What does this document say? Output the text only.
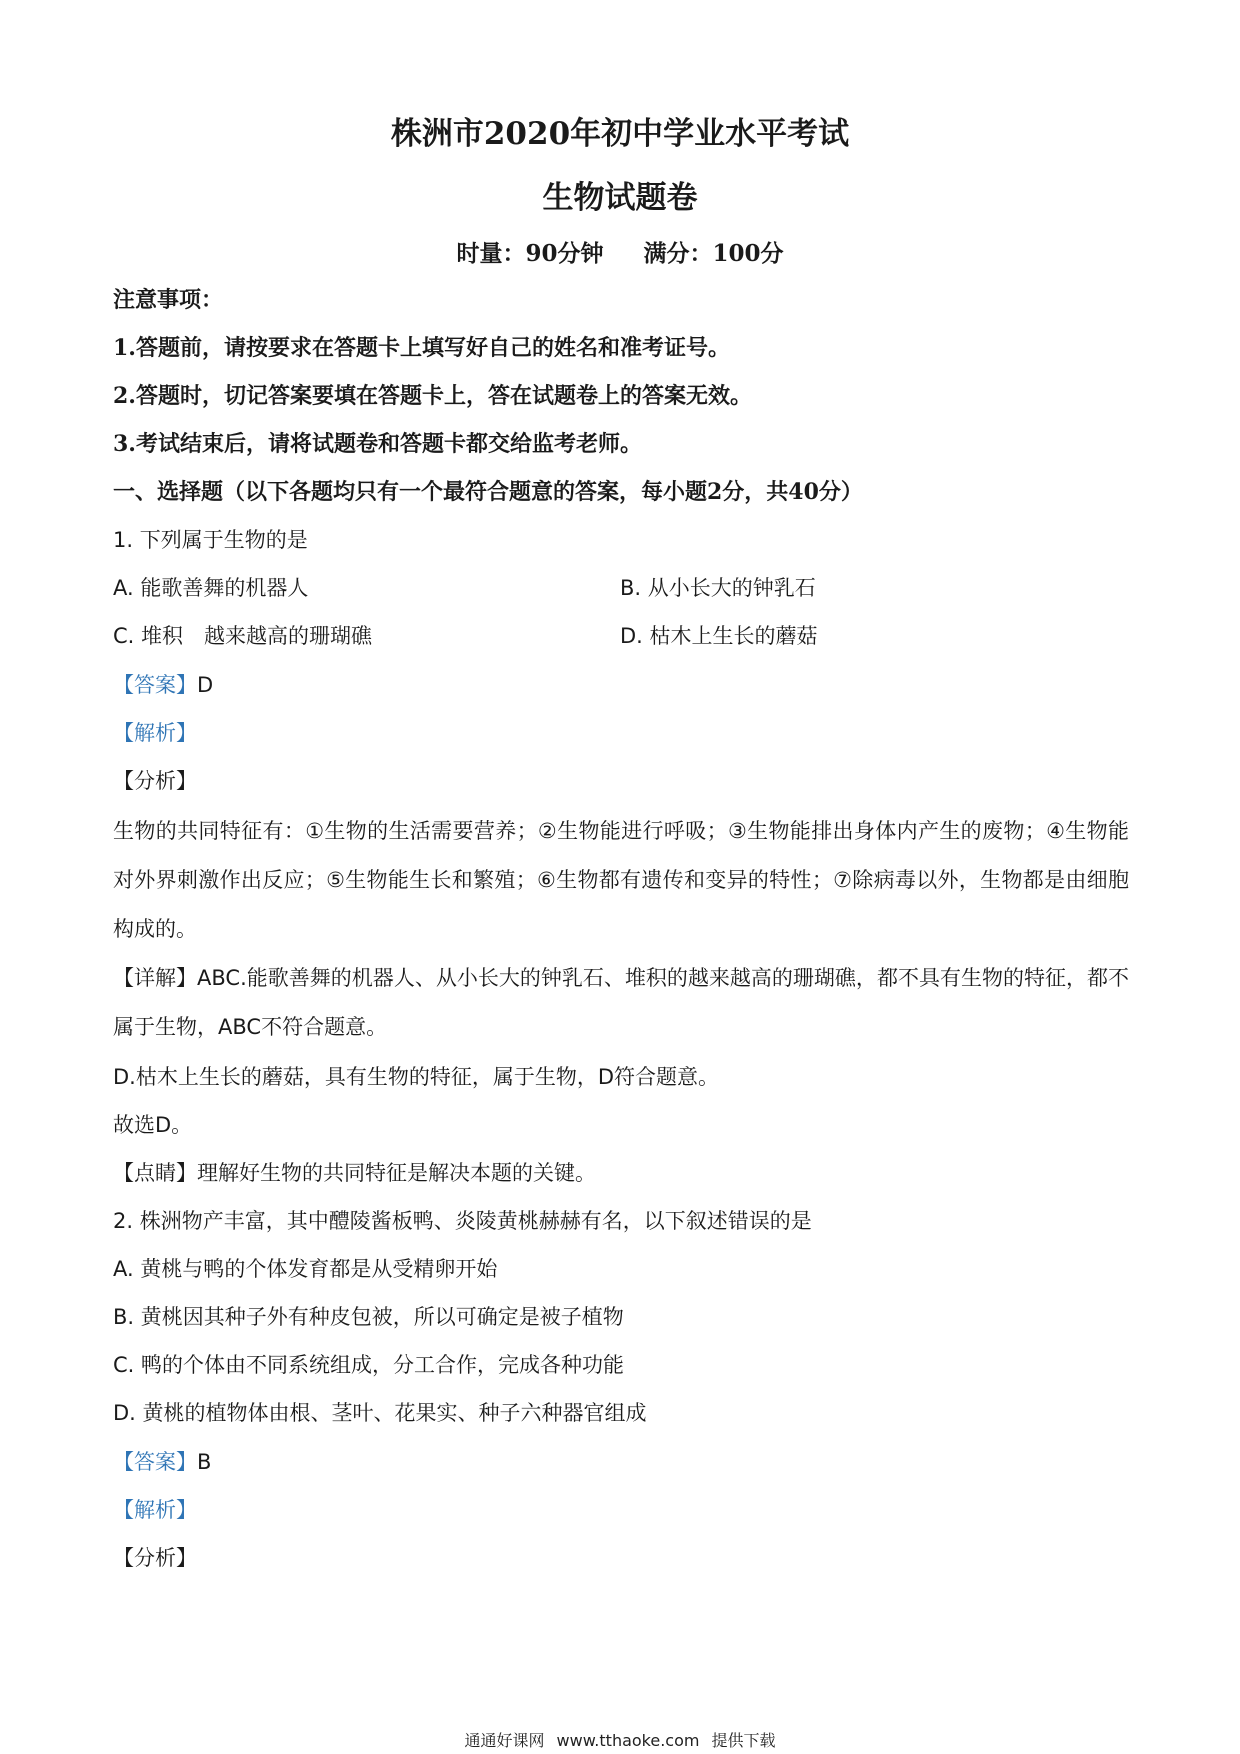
株洲市2020年初中学业水平考试
生物试题卷
时量：90分钟 满分：100分
注意事项：
1.答题前，请按要求在答题卡上填写好自己的姓名和准考证号。
2.答题时，切记答案要填在答题卡上，答在试题卷上的答案无效。
3.考试结束后，请将试题卷和答题卡都交给监考老师。
一、选择题（以下各题均只有一个最符合题意的答案，每小题2分，共40分）
1. 下列属于生物的是
A. 能歌善舞的机器人	B. 从小长大的钟乳石
C. 堆积　越来越高的珊瑚礁	D. 枯木上生长的蘑菇
【答案】D
【解析】
【分析】
生物的共同特征有：①生物的生活需要营养；②生物能进行呼吸；③生物能排出身体内产生的废物；④生物能对外界刺激作出反应；⑤生物能生长和繁殖；⑥生物都有遗传和变异的特性；⑦除病毒以外，生物都是由细胞构成的。
【详解】ABC.能歌善舞的机器人、从小长大的钟乳石、堆积的越来越高的珊瑚礁，都不具有生物的特征，都不属于生物，ABC不符合题意。
D.枯木上生长的蘑菇，具有生物的特征，属于生物，D符合题意。
故选D。
【点睛】理解好生物的共同特征是解决本题的关键。
2. 株洲物产丰富，其中醴陵酱板鸭、炎陵黄桃赫赫有名，以下叙述错误的是
A. 黄桃与鸭的个体发育都是从受精卵开始
B. 黄桃因其种子外有种皮包被，所以可确定是被子植物
C. 鸭的个体由不同系统组成，分工合作，完成各种功能
D. 黄桃的植物体由根、茎叶、花果实、种子六种器官组成
【答案】B
【解析】
【分析】
通通好课网 www.tthaoke.com 提供下载
